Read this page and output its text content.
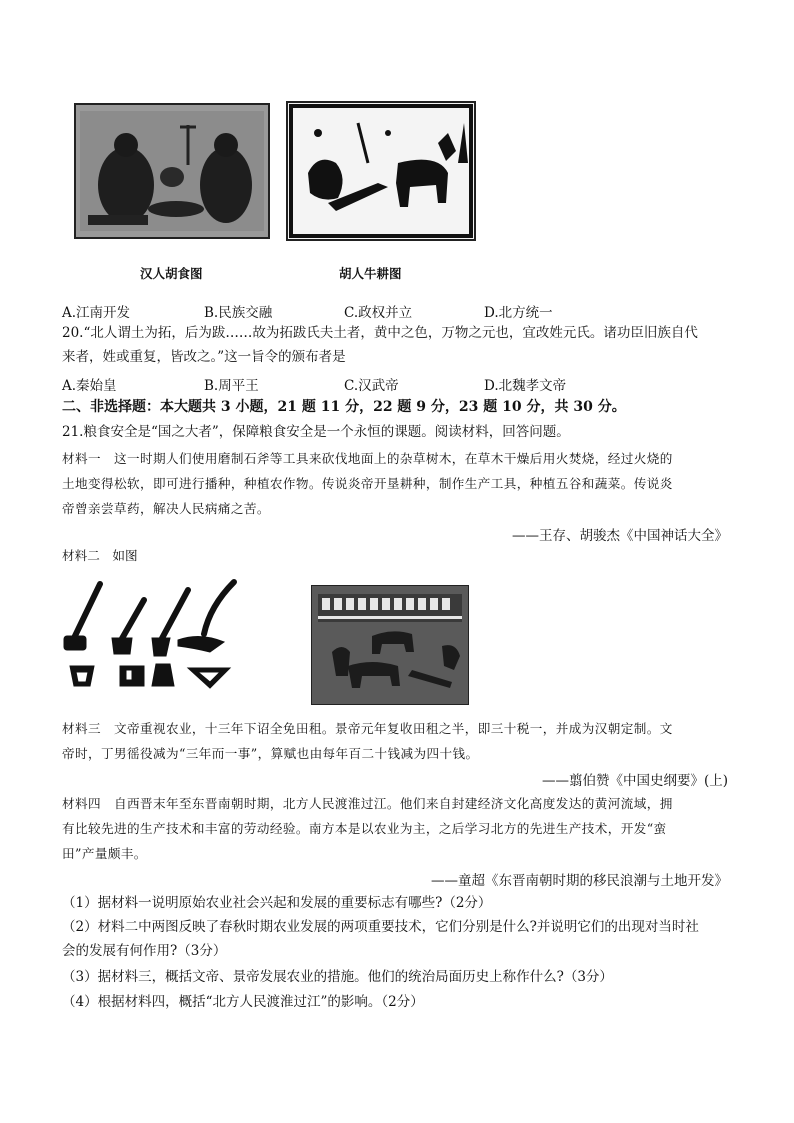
汉人胡食图	胡人牛耕图
A.江南开发	B.民族交融	C.政权并立	D.北方统一
20.“北人谓土为拓，后为跋……故为拓跋氏夫土者，黄中之色，万物之元也，宜改姓元氏。诸功臣旧族自代
来者，姓或重复，皆改之。”这一旨令的颁布者是
A.秦始皇	B.周平王	C.汉武帝	D.北魏孝文帝
二、非选择题：本大题共 3 小题，21 题 11 分，22 题 9 分，23 题 10 分，共 30 分。
21.粮食安全是“国之大者”，保障粮食安全是一个永恒的课题。阅读材料，回答问题。
材料一　这一时期人们使用磨制石斧等工具来砍伐地面上的杂草树木，在草木干燥后用火焚烧，经过火烧的
土地变得松软，即可进行播种，种植农作物。传说炎帝开垦耕种，制作生产工具，种植五谷和蔬菜。传说炎
帝曾亲尝草药，解决人民病痛之苦。
——王存、胡骏杰《中国神话大全》
材料二　如图
材料三　文帝重视农业，十三年下诏全免田租。景帝元年复收田租之半，即三十税一，并成为汉朝定制。文
帝时，丁男徭役减为“三年而一事”，算赋也由每年百二十钱减为四十钱。
——翦伯赞《中国史纲要》(上)
材料四　自西晋末年至东晋南朝时期，北方人民渡淮过江。他们来自封建经济文化高度发达的黄河流域，拥
有比较先进的生产技术和丰富的劳动经验。南方本是以农业为主，之后学习北方的先进生产技术，开发“蛮
田”产量颇丰。
——童超《东晋南朝时期的移民浪潮与土地开发》
（1）据材料一说明原始农业社会兴起和发展的重要标志有哪些?（2分）
（2）材料二中两图反映了春秋时期农业发展的两项重要技术，它们分别是什么?并说明它们的出现对当时社
会的发展有何作用?（3分）
（3）据材料三，概括文帝、景帝发展农业的措施。他们的统治局面历史上称作什么?（3分）
（4）根据材料四，概括“北方人民渡淮过江”的影响。（2分）
